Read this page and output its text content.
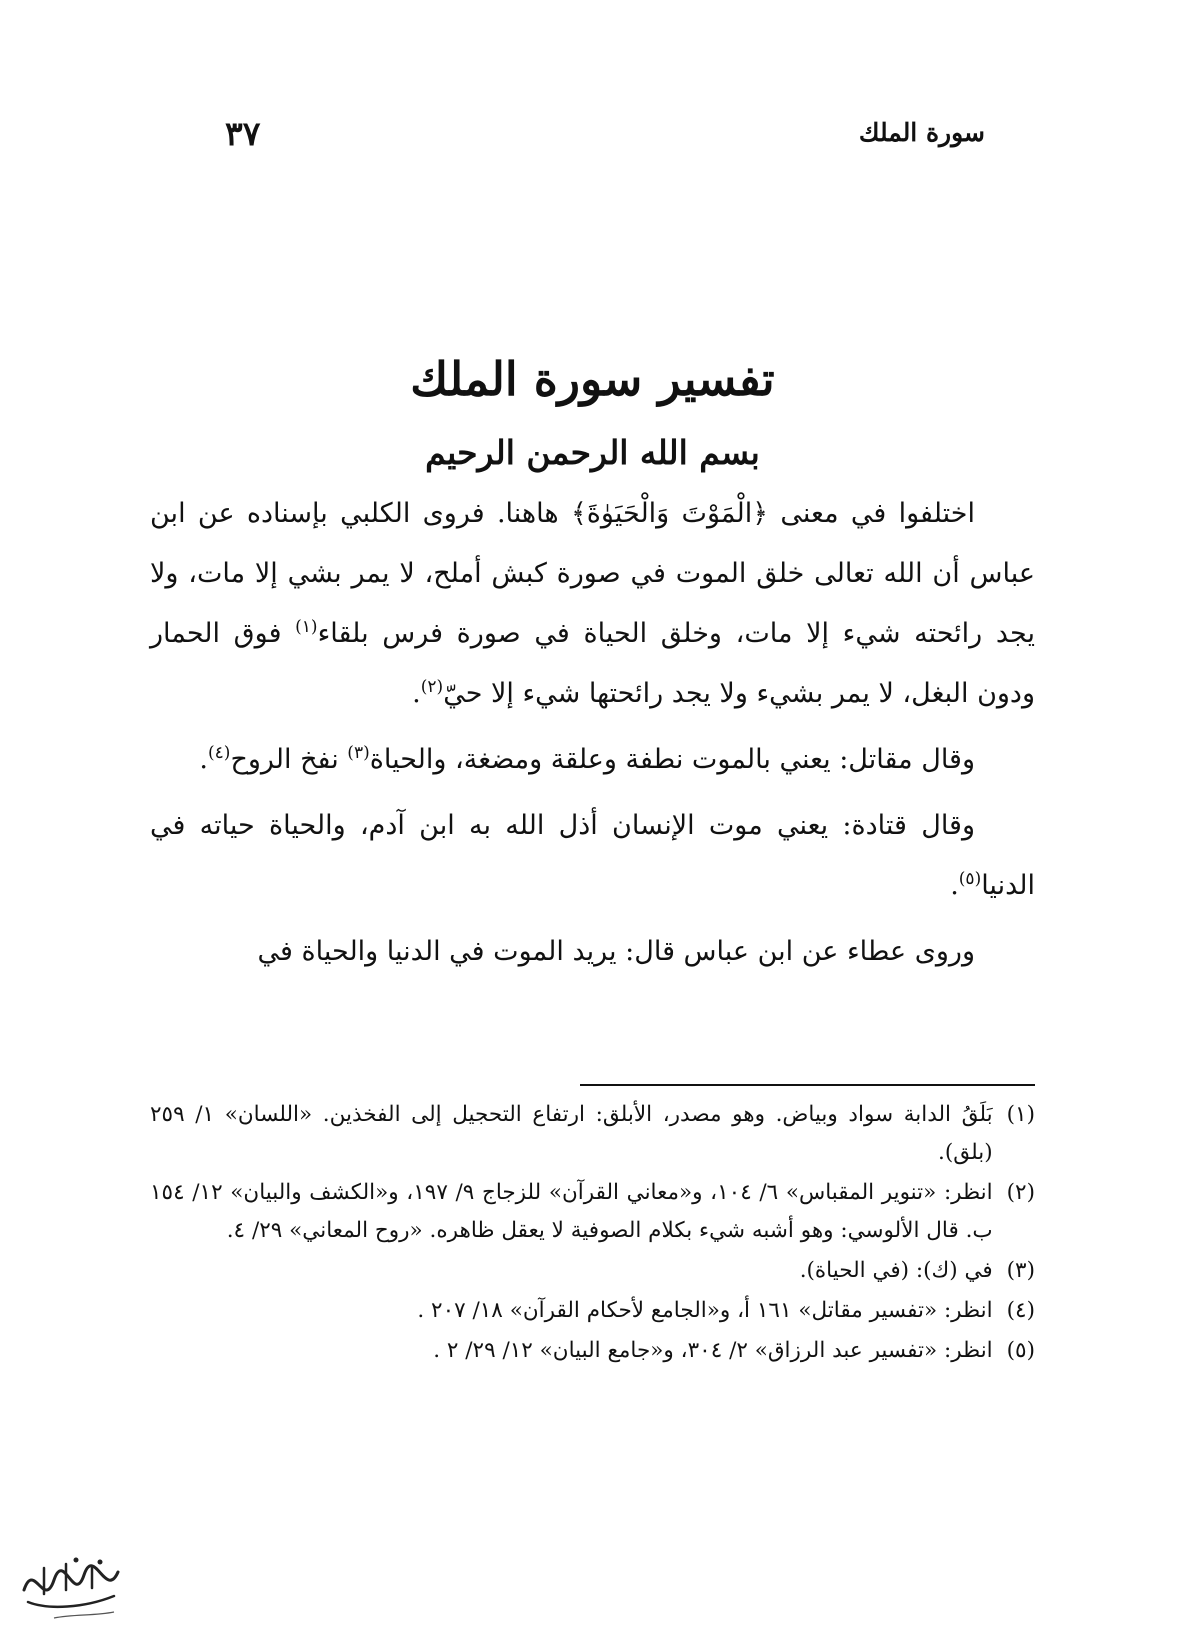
سورة الملك
٣٧
تفسير سورة الملك
بسم الله الرحمن الرحيم

اختلفوا في معنى ﴿الْمَوْتَ وَالْحَيَوٰةَ﴾ هاهنا. فروى الكلبي بإسناده عن ابن عباس أن الله تعالى خلق الموت في صورة كبش أملح، لا يمر بشي إلا مات، ولا يجد رائحته شيء إلا مات، وخلق الحياة في صورة فرس بلقاء$^{(١)}$ فوق الحمار ودون البغل، لا يمر بشيء ولا يجد رائحتها شيء إلا حيّ$^{(٢)}$.

وقال مقاتل: يعني بالموت نطفة وعلقة ومضغة، والحياة$^{(٣)}$ نفخ الروح$^{(٤)}$.

وقال قتادة: يعني موت الإنسان أذل الله به ابن آدم، والحياة حياته في الدنيا$^{(٥)}$.

وروى عطاء عن ابن عباس قال: يريد الموت في الدنيا والحياة في

(١)
بَلَقُ الدابة سواد وبياض. وهو مصدر، الأبلق: ارتفاع التحجيل إلى الفخذين. «اللسان» ١/ ٢٥٩ (بلق).
(٢)
انظر: «تنوير المقباس» ٦/ ١٠٤، و«معاني القرآن» للزجاج ٩/ ١٩٧، و«الكشف والبيان» ١٢/ ١٥٤ ب. قال الألوسي: وهو أشبه شيء بكلام الصوفية لا يعقل ظاهره. «روح المعاني» ٢٩/ ٤.
(٣)
في (ك): (في الحياة).
(٤)
انظر: «تفسير مقاتل» ١٦١ أ، و«الجامع لأحكام القرآن» ١٨/ ٢٠٧ .
(٥)
انظر: «تفسير عبد الرزاق» ٢/ ٣٠٤، و«جامع البيان» ١٢/ ٢٩/ ٢ .
